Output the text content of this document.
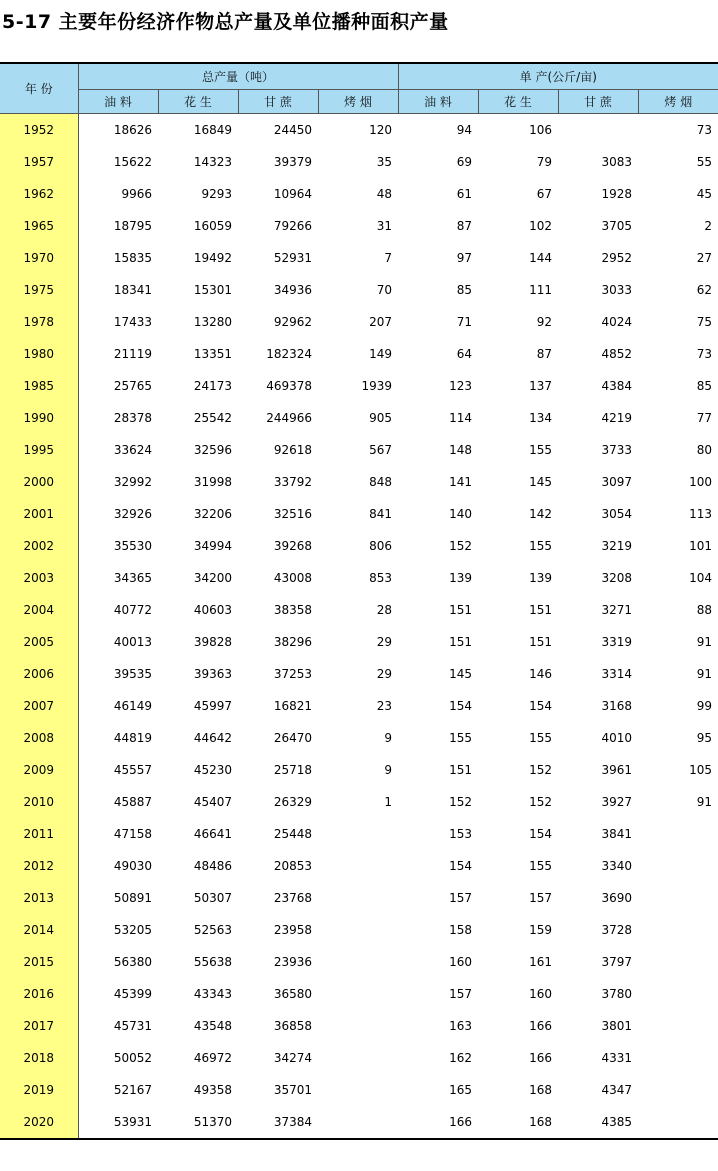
5-17 主要年份经济作物总产量及单位播种面积产量
年 份	总产量（吨）				单 产(公斤/亩)			
	油 料	花 生	甘 蔗	烤 烟	油 料	花 生	甘 蔗	烤 烟
1952	18626	16849	24450	120	94	106		73
1957	15622	14323	39379	35	69	79	3083	55
1962	9966	9293	10964	48	61	67	1928	45
1965	18795	16059	79266	31	87	102	3705	2
1970	15835	19492	52931	7	97	144	2952	27
1975	18341	15301	34936	70	85	111	3033	62
1978	17433	13280	92962	207	71	92	4024	75
1980	21119	13351	182324	149	64	87	4852	73
1985	25765	24173	469378	1939	123	137	4384	85
1990	28378	25542	244966	905	114	134	4219	77
1995	33624	32596	92618	567	148	155	3733	80
2000	32992	31998	33792	848	141	145	3097	100
2001	32926	32206	32516	841	140	142	3054	113
2002	35530	34994	39268	806	152	155	3219	101
2003	34365	34200	43008	853	139	139	3208	104
2004	40772	40603	38358	28	151	151	3271	88
2005	40013	39828	38296	29	151	151	3319	91
2006	39535	39363	37253	29	145	146	3314	91
2007	46149	45997	16821	23	154	154	3168	99
2008	44819	44642	26470	9	155	155	4010	95
2009	45557	45230	25718	9	151	152	3961	105
2010	45887	45407	26329	1	152	152	3927	91
2011	47158	46641	25448		153	154	3841	
2012	49030	48486	20853		154	155	3340	
2013	50891	50307	23768		157	157	3690	
2014	53205	52563	23958		158	159	3728	
2015	56380	55638	23936		160	161	3797	
2016	45399	43343	36580		157	160	3780	
2017	45731	43548	36858		163	166	3801	
2018	50052	46972	34274		162	166	4331	
2019	52167	49358	35701		165	168	4347	
2020	53931	51370	37384		166	168	4385	
